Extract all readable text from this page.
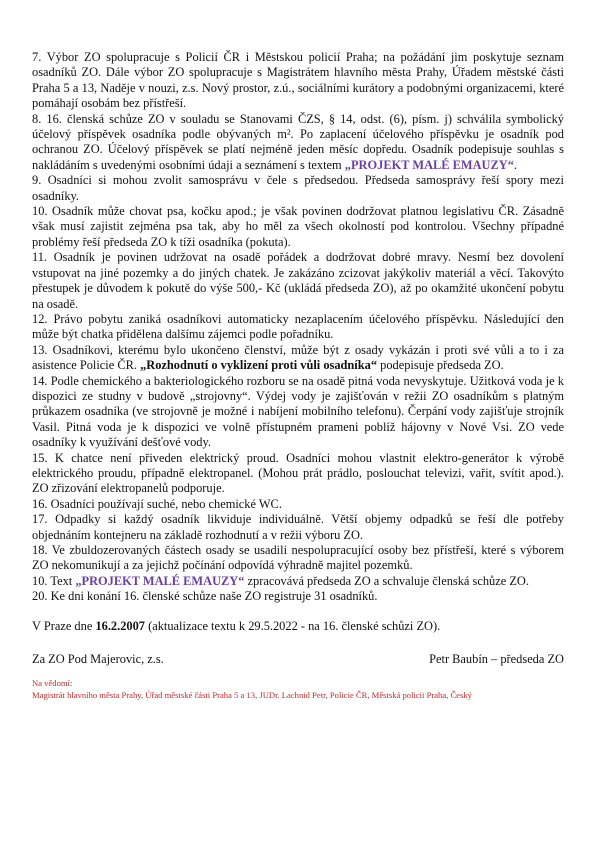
7. Výbor ZO spolupracuje s Policií ČR i Městskou policií Praha; na požádání jim poskytuje seznam osadníků ZO. Dále výbor ZO spolupracuje s Magistrátem hlavního města Prahy, Úřadem městské části Praha 5 a 13, Naděje v nouzi, z.s. Nový prostor, z.ú., sociálními kurátory a podobnými organizacemi, které pomáhají osobám bez přístřeší.

8. 16. členská schůze ZO v souladu se Stanovami ČZS, § 14, odst. (6), písm. j) schválila symbolický účelový příspěvek osadníka podle obývaných m². Po zaplacení účelového příspěvku je osadník pod ochranou ZO. Účelový příspěvek se platí nejméně jeden měsíc dopředu. Osadník podepisuje souhlas s nakládáním s uvedenými osobními údaji a seznámení s textem „PROJEKT MALÉ EMAUZY“.

9. Osadníci si mohou zvolit samosprávu v čele s předsedou. Předseda samosprávy řeší spory mezi osadníky.

10. Osadník může chovat psa, kočku apod.; je však povinen dodržovat platnou legislativu ČR. Zásadně však musí zajistit zejména psa tak, aby ho měl za všech okolností pod kontrolou. Všechny případné problémy řeší předseda ZO k tíži osadníka (pokuta).

11. Osadník je povinen udržovat na osadě pořádek a dodržovat dobré mravy. Nesmí bez dovolení vstupovat na jiné pozemky a do jiných chatek. Je zakázáno zcizovat jakýkoliv materiál a věcí. Takovýto přestupek je důvodem k pokutě do výše 500,- Kč (ukládá předseda ZO), až po okamžité ukončení pobytu na osadě.

12. Právo pobytu zaniká osadníkovi automaticky nezaplacením účelového příspěvku. Následující den může být chatka přidělena dalšímu zájemci podle pořadníku.

13. Osadníkovi, kterému bylo ukončeno členství, může být z osady vykázán i proti své vůli a to i za asistence Policie ČR. „Rozhodnutí o vyklizení proti vůli osadníka“ podepisuje předseda ZO.

14. Podle chemického a bakteriologického rozboru se na osadě pitná voda nevyskytuje. Užitková voda je k dispozici ze studny v budově „strojovny“. Výdej vody je zajišťován v režii ZO osadníkům s platným průkazem osadníka (ve strojovně je možné i nabíjení mobilního telefonu). Čerpání vody zajišťuje strojník Vasil. Pitná voda je k dispozici ve volně přístupném prameni poblíž hájovny v Nové Vsi. ZO vede osadníky k využívání dešťové vody.

15. K chatce není přiveden elektrický proud. Osadníci mohou vlastnit elektro-generátor k výrobě elektrického proudu, případně elektropanel. (Mohou prát prádlo, poslouchat televizi, vařit, svítit apod.). ZO zřizování elektropanelů podporuje.

16. Osadníci používají suché, nebo chemické WC.

17. Odpadky si každý osadník likviduje individuálně. Větší objemy odpadků se řeší dle potřeby objednáním kontejneru na základě rozhodnutí a v režii výboru ZO.

18. Ve zbuldozerovaných částech osady se usadili nespolupracující osoby bez přístřeší, které s výborem ZO nekomunikují a za jejichž počínání odpovídá výhradně majitel pozemků.

10. Text „PROJEKT MALÉ EMAUZY“ zpracovává předseda ZO a schvaluje členská schůze ZO.

20. Ke dni konání 16. členské schůze naše ZO registruje 31 osadníků.

V Praze dne 16.2.2007 (aktualizace textu k 29.5.2022 - na 16. členské schůzi ZO).
Za ZO Pod Majerovic, z.s.	Petr Baubín – předseda ZO
Na vědomí:
Magistrát hlavního města Prahy, Úřad městské části Praha 5 a 13, JUDr. Lachnid Petr, Policie ČR, Městská policii Praha, Český
